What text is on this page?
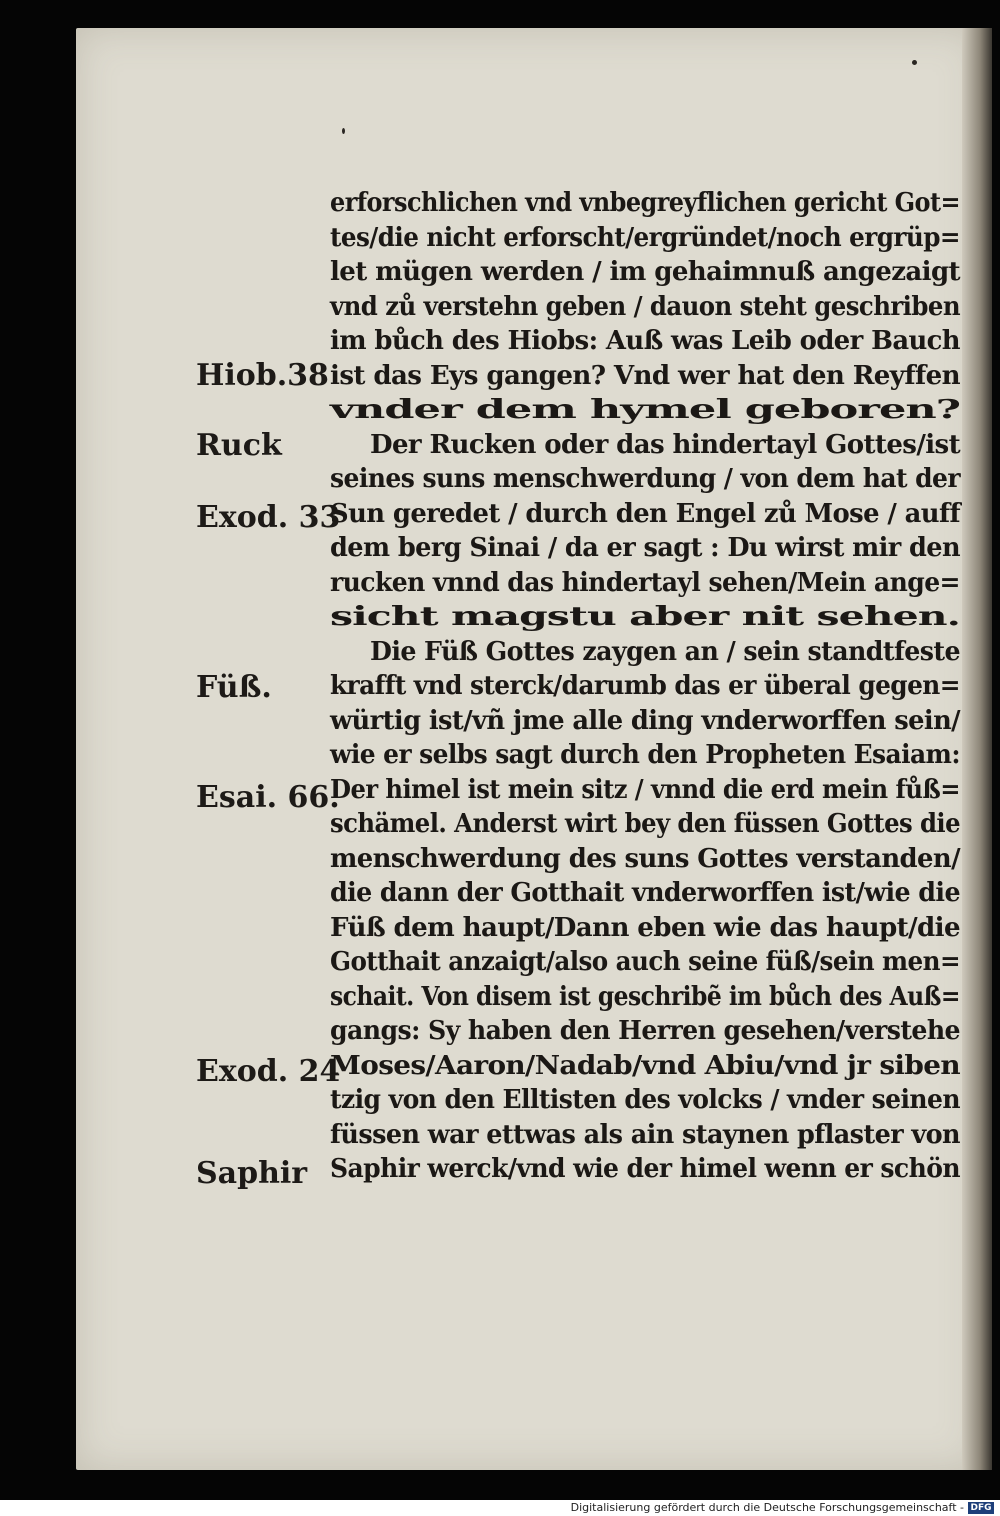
Hiob.38
Ruck
Exod. 33
Füß.
Esai. 66.
Exod. 24
Saphir
erforschlichen vnd vnbegreyflichen gericht Got=
tes/die nicht erforscht/ergründet/noch ergrüp=
let mügen werden / im gehaimnuß angezaigt
vnd zů verstehn geben / dauon steht geschriben
im bůch des Hiobs: Auß was Leib oder Bauch
ist das Eys gangen? Vnd wer hat den Reyffen
vnder dem hymel geboren?
Der Rucken oder das hindertayl Gottes/ist
seines suns menschwerdung / von dem hat der
Sun geredet / durch den Engel zů Mose / auff
dem berg Sinai / da er sagt : Du wirst mir den
rucken vnnd das hindertayl sehen/Mein ange=
sicht magstu aber nit sehen.
Die Füß Gottes zaygen an / sein standtfeste
krafft vnd sterck/darumb das er überal gegen=
würtig ist/vñ jme alle ding vnderworffen sein/
wie er selbs sagt durch den Propheten Esaiam:
Der himel ist mein sitz / vnnd die erd mein fůß=
schämel. Anderst wirt bey den füssen Gottes die
menschwerdung des suns Gottes verstanden/
die dann der Gotthait vnderworffen ist/wie die
Füß dem haupt/Dann eben wie das haupt/die
Gotthait anzaigt/also auch seine füß/sein men=
schait. Von disem ist geschribẽ im bůch des Auß=
gangs: Sy haben den Herren gesehen/verstehe
Moses/Aaron/Nadab/vnd Abiu/vnd jr siben
tzig von den Elltisten des volcks / vnder seinen
füssen war ettwas als ain staynen pflaster von
Saphir werck/vnd wie der himel wenn er schön
Digitalisierung gefördert durch die Deutsche Forschungsgemeinschaft - DFG
